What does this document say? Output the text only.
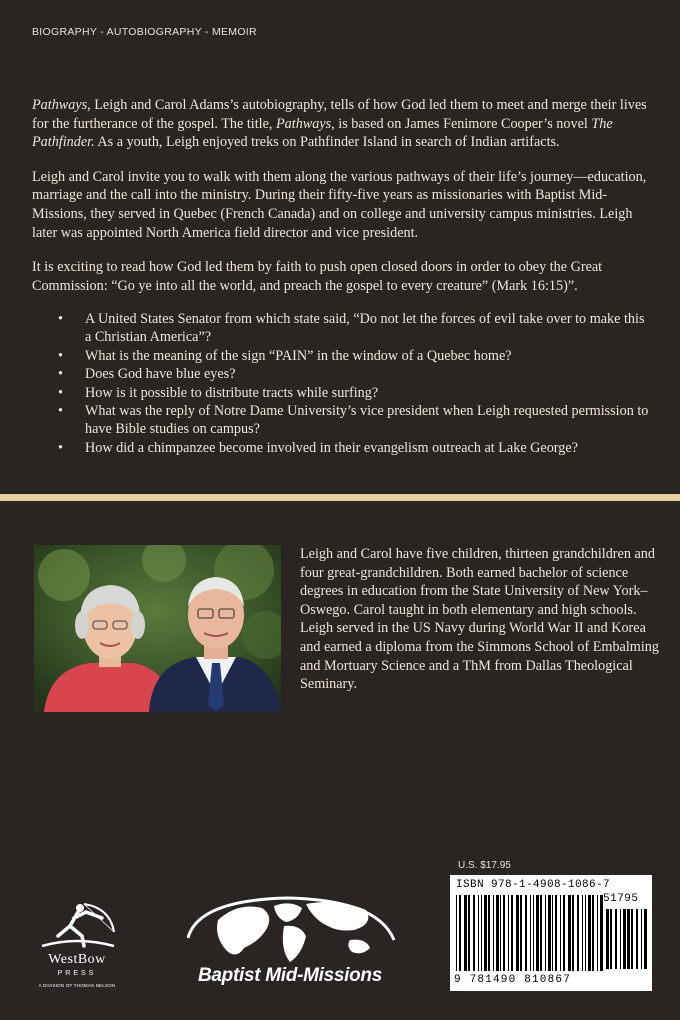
BIOGRAPHY - AUTOBIOGRAPHY - MEMOIR

Pathways, Leigh and Carol Adams’s autobiography, tells of how God led them to meet and merge their lives for the furtherance of the gospel. The title, Pathways, is based on James Fenimore Cooper’s novel The Pathfinder. As a youth, Leigh enjoyed treks on Pathfinder Island in search of Indian artifacts.

Leigh and Carol invite you to walk with them along the various pathways of their life’s journey—education, marriage and the call into the ministry. During their fifty-five years as missionaries with Baptist Mid-Missions, they served in Quebec (French Canada) and on college and university campus ministries. Leigh later was appointed North America field director and vice president.

It is exciting to read how God led them by faith to push open closed doors in order to obey the Great Commission: “Go ye into all the world, and preach the gospel to every creature” (Mark 16:15)”.

• A United States Senator from which state said, “Do not let the forces of evil take over to make this a Christian America”?
• What is the meaning of the sign “PAIN” in the window of a Quebec home?
• Does God have blue eyes?
• How is it possible to distribute tracts while surfing?
• What was the reply of Notre Dame University’s vice president when Leigh requested permission to have Bible studies on campus?
• How did a chimpanzee become involved in their evangelism outreach at Lake George?
Leigh and Carol have five children, thirteen grandchildren and four great-grandchildren. Both earned bachelor of science degrees in education from the State University of New York–Oswego. Carol taught in both elementary and high schools. Leigh served in the US Navy during World War II and Korea and earned a diploma from the Simmons School of Embalming and Mortuary Science and a ThM from Dallas Theological Seminary.
WestBow
PRESS
A DIVISION OF THOMAS NELSON	Baptist Mid-Missions
U.S. $17.95
ISBN 978-1-4908-1086-7
51795
9 781490 810867
